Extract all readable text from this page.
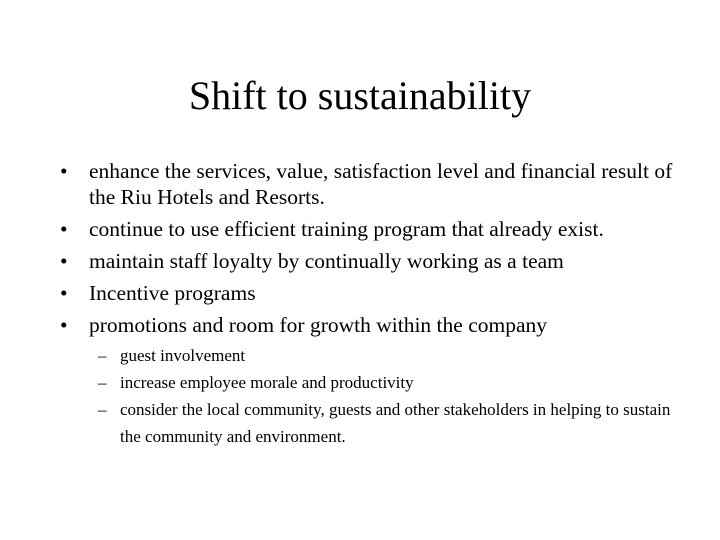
Shift to sustainability
• enhance the services, value, satisfaction level and financial result of the Riu Hotels and Resorts.
• continue to use efficient training program that already exist.
• maintain staff loyalty by continually working as a team
• Incentive programs
• promotions and room for growth within the company
– guest involvement
– increase employee morale and productivity
– consider the local community, guests and other stakeholders in helping to sustain the community and environment.
